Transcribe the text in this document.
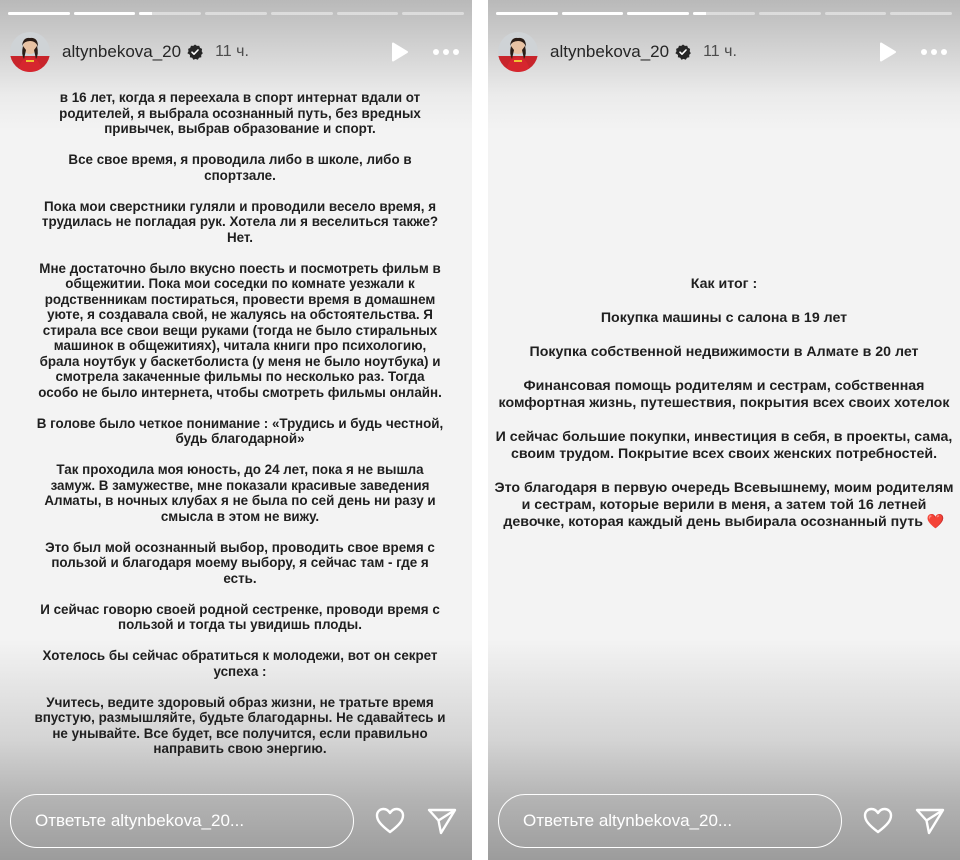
altynbekova_20 11 ч.

в 16 лет, когда я переехала в спорт интернат вдали от родителей, я выбрала осознанный путь, без вредных привычек, выбрав образование и спорт.

Все свое время, я проводила либо в школе, либо в спортзале.

Пока мои сверстники гуляли и проводили весело время, я трудилась не погладая рук. Хотела ли я веселиться также? Нет.

Мне достаточно было вкусно поесть и посмотреть фильм в общежитии. Пока мои соседки по комнате уезжали к родственникам постираться, провести время в домашнем уюте, я создавала свой, не жалуясь на обстоятельства. Я стирала все свои вещи руками (тогда не было стиральных машинок в общежитиях), читала книги про психологию, брала ноутбук у баскетболиста (у меня не было ноутбука) и смотрела закаченные фильмы по несколько раз. Тогда особо не было интернета, чтобы смотреть фильмы онлайн.

В голове было четкое понимание : «Трудись и будь честной, будь благодарной»

Так проходила моя юность, до 24 лет, пока я не вышла замуж. В замужестве, мне показали красивые заведения Алматы, в ночных клубах я не была по сей день ни разу и смысла в этом не вижу.

Это был мой осознанный выбор, проводить свое время с пользой и благодаря моему выбору, я сейчас там - где я есть.

И сейчас говорю своей родной сестренке, проводи время с пользой и тогда ты увидишь плоды.

Хотелось бы сейчас обратиться к молодежи, вот он секрет успеха :

Учитесь, ведите здоровый образ жизни, не тратьте время впустую, размышляйте, будьте благодарны. Не сдавайтесь и не унывайте. Все будет, все получится, если правильно направить свою энергию.

Ответьте altynbekova_20...
altynbekova_20 11 ч.

Как итог :

Покупка машины с салона в 19 лет

Покупка собственной недвижимости в Алмате в 20 лет

Финансовая помощь родителям и сестрам, собственная комфортная жизнь, путешествия, покрытия всех своих хотелок

И сейчас большие покупки, инвестиция в себя, в проекты, сама, своим трудом. Покрытие всех своих женских потребностей.

Это благодаря в первую очередь Всевышнему, моим родителям и сестрам, которые верили в меня, а затем той 16 летней девочке, которая каждый день выбирала осознанный путь ❤️

Ответьте altynbekova_20...
